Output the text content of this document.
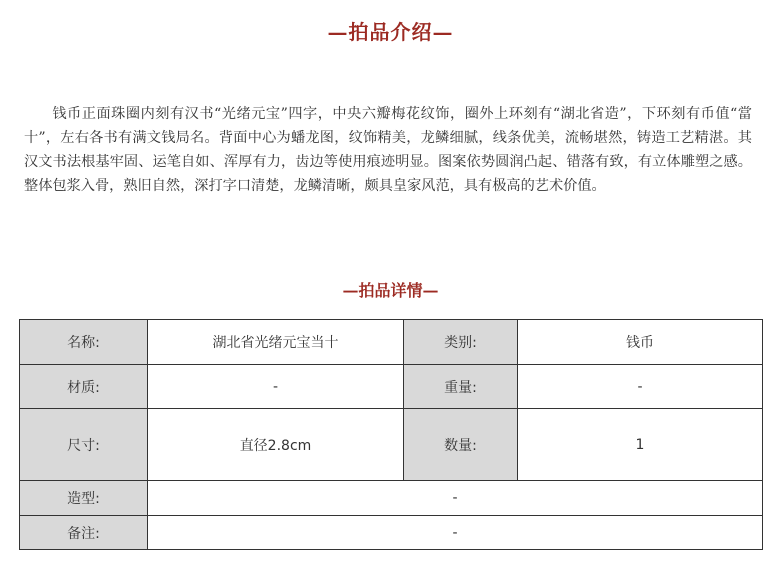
—拍品介绍—

钱币正面珠圈内刻有汉书“光绪元宝”四字，中央六瓣梅花纹饰，圈外上环刻有“湖北省造”，下环刻有币值“當十”，左右各书有满文钱局名。背面中心为蟠龙图，纹饰精美，龙鳞细腻，线条优美，流畅堪然，铸造工艺精湛。其汉文书法根基牢固、运笔自如、浑厚有力，齿边等使用痕迹明显。图案依势圆润凸起、错落有致，有立体雕塑之感。整体包浆入骨，熟旧自然，深打字口清楚，龙鳞清晰，颇具皇家风范，具有极高的艺术价值。

—拍品详情—
名称:	湖北省光绪元宝当十	类别:	钱币
材质:	-	重量:	-
尺寸:	直径2.8cm	数量:	1
造型:	-		
备注:	-		
